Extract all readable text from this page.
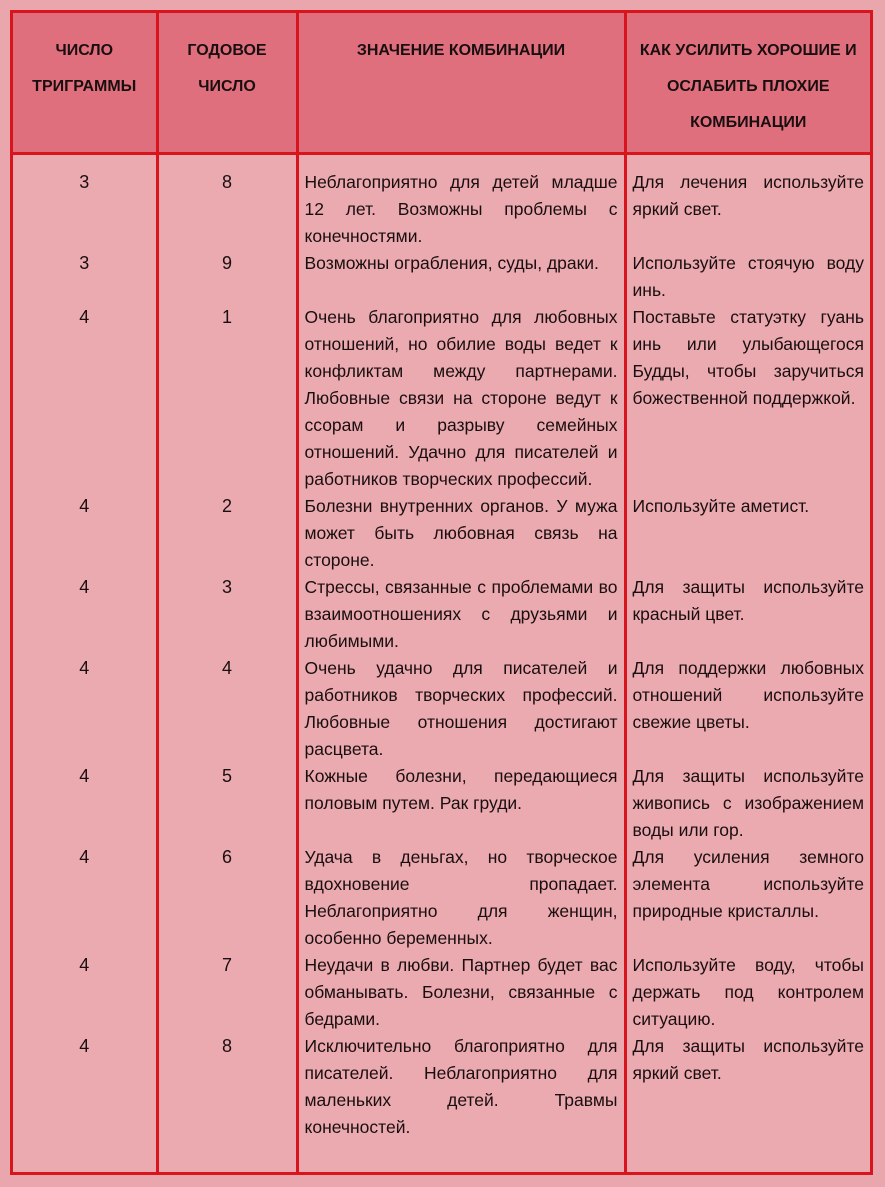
ЧИСЛО ТРИГРАММЫ	ГОДОВОЕ ЧИСЛО	ЗНАЧЕНИЕ КОМБИНАЦИИ	КАК УСИЛИТЬ ХОРОШИЕ И ОСЛАБИТЬ ПЛОХИЕ КОМБИНАЦИИ
3	8	Неблагоприятно для детей младше 12 лет. Возможны проблемы с конечностями.	Для лечения используйте яркий свет.
3	9	Возможны ограбления, суды, драки.	Используйте стоячую воду инь.
4	1	Очень благоприятно для любовных отношений, но обилие воды ведет к конфликтам между партнерами. Любовные связи на стороне ведут к ссорам и разрыву семейных отношений. Удачно для писателей и работников творческих профессий.	Поставьте статуэтку гуань инь или улыбающегося Будды, чтобы заручиться божественной поддержкой.
4	2	Болезни внутренних органов. У мужа может быть любовная связь на стороне.	Используйте аметист.
4	3	Стрессы, связанные с проблемами во взаимоотношениях с друзьями и любимыми.	Для защиты используйте красный цвет.
4	4	Очень удачно для писателей и работников творческих профессий. Любовные отношения достигают расцвета.	Для поддержки любовных отношений используйте свежие цветы.
4	5	Кожные болезни, передающиеся половым путем. Рак груди.	Для защиты используйте живопись с изображением воды или гор.
4	6	Удача в деньгах, но творческое вдохновение пропадает. Неблагоприятно для женщин, особенно беременных.	Для усиления земного элемента используйте природные кристаллы.
4	7	Неудачи в любви. Партнер будет вас обманывать. Болезни, связанные с бедрами.	Используйте воду, чтобы держать под контролем ситуацию.
4	8	Исключительно благоприятно для писателей. Неблагоприятно для маленьких детей. Травмы конечностей.	Для защиты используйте яркий свет.
